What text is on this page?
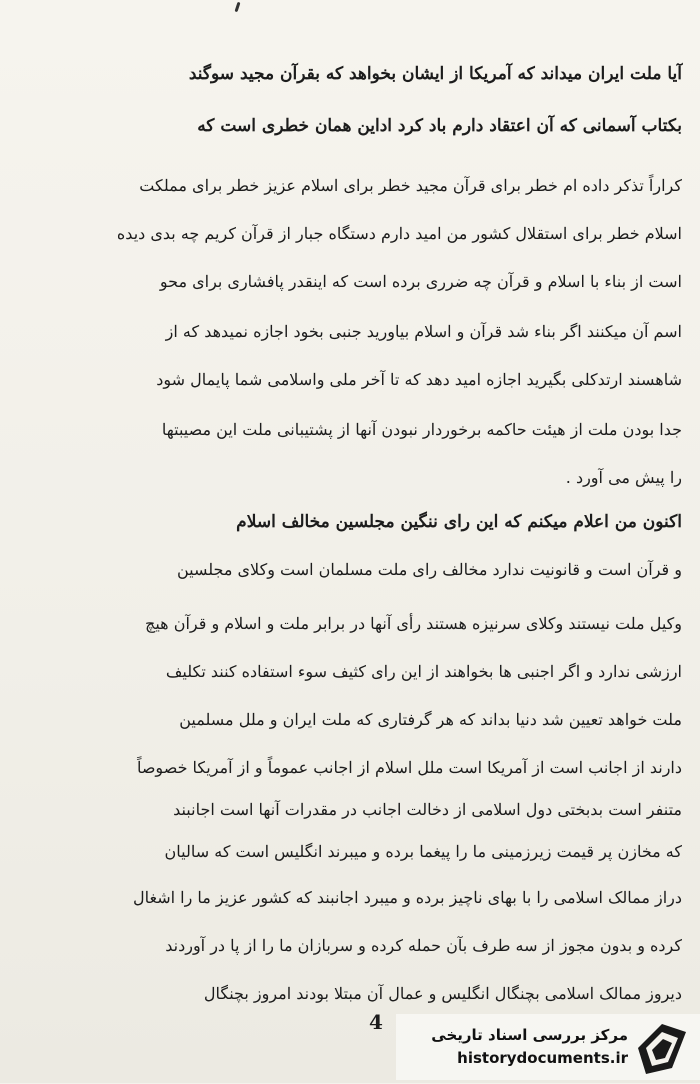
آیا ملت ایران میداند که آمریکا از ایشان بخواهد که بقرآن مجید سوگند
بکتاب آسمانی که آن اعتقاد دارم باد کرد اداین همان خطری است که
کراراً تذکر داده ام خطر برای قرآن مجید خطر برای اسلام عزیز خطر برای مملکت
اسلام خطر برای استقلال کشور من امید دارم دستگاه جبار از قرآن کریم چه بدی دیده
است از بناء با اسلام و قرآن چه ضرری برده است که اینقدر پافشاری برای محو
اسم آن میکنند اگر بناء شد قرآن و اسلام بیاورید جنبی بخود اجازه نمیدهد که از
شاهسند ارتدکلی بگیرید اجازه امید دهد که تا آخر ملی واسلامی شما پایمال شود
جدا بودن ملت از هیئت حاکمه برخوردار نبودن آنها از پشتیبانی ملت این مصیبتها
را پیش می آورد .
اکنون من اعلام میکنم که این رای ننگین مجلسین مخالف اسلام
و قرآن است و قانونیت ندارد مخالف رای ملت مسلمان است وکلای مجلسین
وکیل ملت نیستند وکلای سرنیزه هستند رأی آنها در برابر ملت و اسلام و قرآن هیچ
ارزشی ندارد و اگر اجنبی ها بخواهند از این رای کثیف سوء استفاده کنند تکلیف
ملت خواهد تعیین شد دنیا بداند که هر گرفتاری که ملت ایران و ملل مسلمین
دارند از اجانب است از آمریکا است ملل اسلام از اجانب عموماً و از آمریکا خصوصاً
متنفر است بدبختی دول اسلامی از دخالت اجانب در مقدرات آنها است اجانبند
که مخازن پر قیمت زیرزمینی ما را پیغما برده و میبرند انگلیس است که سالیان
دراز ممالک اسلامی را با بهای ناچیز برده و میبرد اجانبند که کشور عزیز ما را اشغال
کرده و بدون مجوز از سه طرف بآن حمله کرده و سربازان ما را از پا در آوردند
دیروز ممالک اسلامی بچنگال انگلیس و عمال آن مبتلا بودند امروز بچنگال
4
مرکز بررسی اسناد تاریخی
historydocuments.ir
